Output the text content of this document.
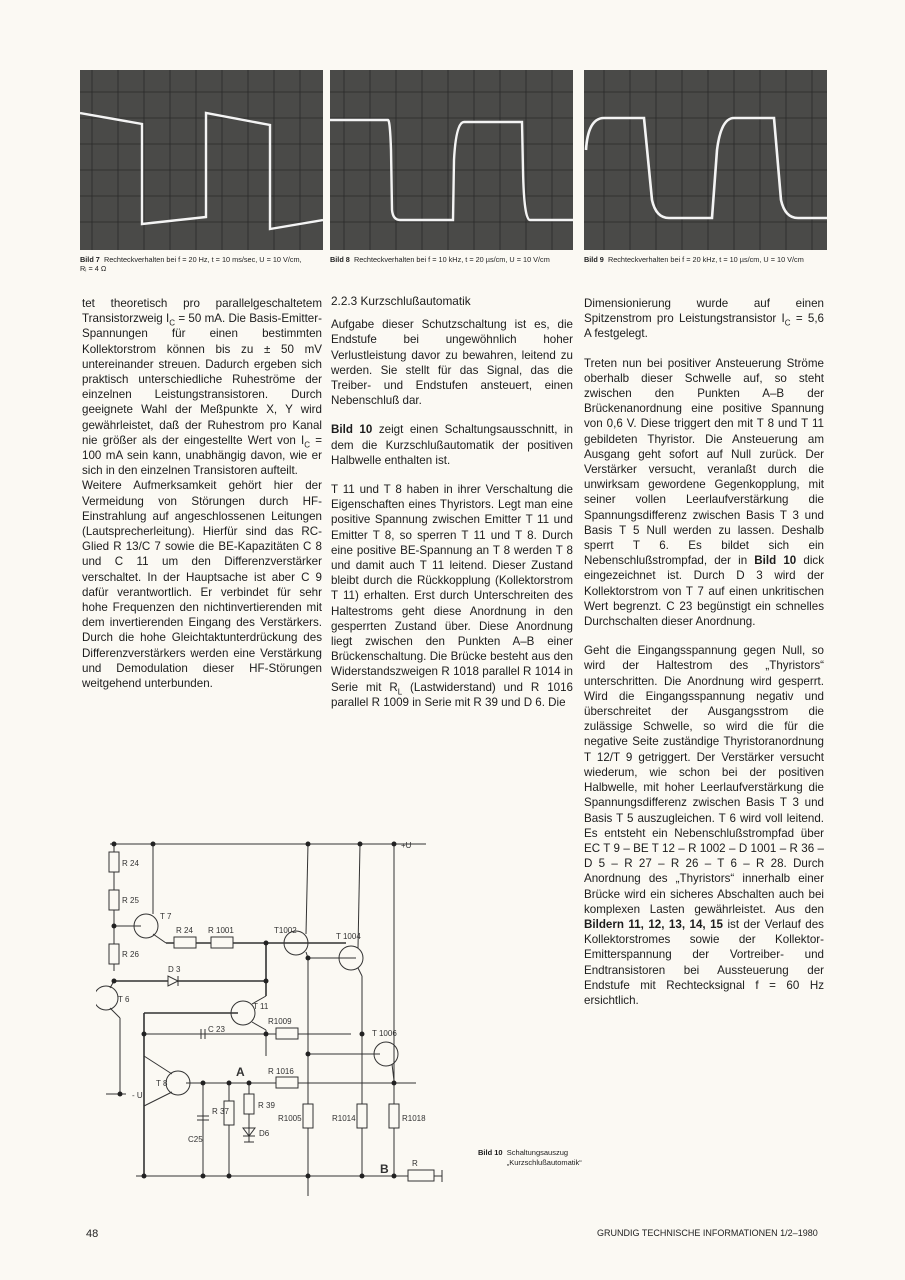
Bild 7 Rechteckverhalten bei f = 20 Hz, t = 10 ms/sec, U = 10 V/cm, Rᵢ = 4 Ω
Bild 8 Rechteckverhalten bei f = 10 kHz, t = 20 µs/cm, U = 10 V/cm	Bild 9 Rechteckverhalten bei f = 20 kHz, t = 10 µs/cm, U = 10 V/cm

tet theoretisch pro parallelgeschaltetem Transistorzweig $I_C = 50$ mA. Die Basis-Emitter-Spannungen für einen bestimmten Kollektorstrom können bis zu ± 50 mV untereinander streuen. Dadurch ergeben sich praktisch unterschiedliche Ruheströme der einzelnen Leistungstransistoren. Durch geeignete Wahl der Meßpunkte X, Y wird gewährleistet, daß der Ruhestrom pro Kanal nie größer als der eingestellte Wert von $I_C = 100$ mA sein kann, unabhängig davon, wie er sich in den einzelnen Transistoren aufteilt.

Weitere Aufmerksamkeit gehört hier der Vermeidung von Störungen durch HF-Einstrahlung auf angeschlossenen Leitungen (Lautsprecherleitung). Hierfür sind das RC-Glied R 13/C 7 sowie die BE-Kapazitäten C 8 und C 11 um den Differenzverstärker verschaltet. In der Hauptsache ist aber C 9 dafür verantwortlich. Er verbindet für sehr hohe Frequenzen den nichtinvertierenden mit dem invertierenden Eingang des Verstärkers. Durch die hohe Gleichtaktunterdrückung des Differenzverstärkers werden eine Verstärkung und Demodulation dieser HF-Störungen weitgehend unterbunden.

2.2.3 Kurzschlußautomatik

Aufgabe dieser Schutzschaltung ist es, die Endstufe bei ungewöhnlich hoher Verlustleistung davor zu bewahren, leitend zu werden. Sie stellt für das Signal, das die Treiber- und Endstufen ansteuert, einen Nebenschluß dar.

Bild 10 zeigt einen Schaltungsausschnitt, in dem die Kurzschlußautomatik der positiven Halbwelle enthalten ist.

T 11 und T 8 haben in ihrer Verschaltung die Eigenschaften eines Thyristors. Legt man eine positive Spannung zwischen Emitter T 11 und Emitter T 8, so sperren T 11 und T 8. Durch eine positive BE-Spannung an T 8 werden T 8 und damit auch T 11 leitend. Dieser Zustand bleibt durch die Rückkopplung (Kollektorstrom T 11) erhalten. Erst durch Unterschreiten des Haltestroms geht diese Anordnung in den gesperrten Zustand über. Diese Anordnung liegt zwischen den Punkten A–B einer Brückenschaltung. Die Brücke besteht aus den Widerstandszweigen R 1018 parallel R 1014 in Serie mit $R_L$ (Lastwiderstand) und R 1016 parallel R 1009 in Serie mit R 39 und D 6. Die

Dimensionierung wurde auf einen Spitzenstrom pro Leistungstransistor $I_C = 5,6$ A festgelegt.

Treten nun bei positiver Ansteuerung Ströme oberhalb dieser Schwelle auf, so steht zwischen den Punkten A–B der Brückenanordnung eine positive Spannung von 0,6 V. Diese triggert den mit T 8 und T 11 gebildeten Thyristor. Die Ansteuerung am Ausgang geht sofort auf Null zurück. Der Verstärker versucht, veranlaßt durch die unwirksam gewordene Gegenkopplung, mit seiner vollen Leerlaufverstärkung die Spannungsdifferenz zwischen Basis T 3 und Basis T 5 Null werden zu lassen. Deshalb sperrt T 6. Es bildet sich ein Nebenschlußstrompfad, der in Bild 10 dick eingezeichnet ist. Durch D 3 wird der Kollektorstrom von T 7 auf einen unkritischen Wert begrenzt. C 23 begünstigt ein schnelles Durchschalten dieser Anordnung.

Geht die Eingangsspannung gegen Null, so wird der Haltestrom des „Thyristors“ unterschritten. Die Anordnung wird gesperrt. Wird die Eingangsspannung negativ und überschreitet der Ausgangsstrom die zulässige Schwelle, so wird die für die negative Seite zuständige Thyristoranordnung T 12/T 9 getriggert. Der Verstärker versucht wiederum, wie schon bei der positiven Halbwelle, mit hoher Leerlaufverstärkung die Spannungsdifferenz zwischen Basis T 3 und Basis T 5 auszugleichen. T 6 wird voll leitend. Es entsteht ein Nebenschlußstrompfad über EC T 9 – BE T 12 – R 1002 – D 1001 – R 36 – D 5 – R 27 – R 26 – T 6 – R 28. Durch Anordnung des „Thyristors“ innerhalb einer Brücke wird ein sicheres Abschalten auch bei komplexen Lasten gewährleistet. Aus den Bildern 11, 12, 13, 14, 15 ist der Verlauf des Kollektorstromes sowie der Kollektor-Emitterspannung der Vortreiber- und Endtransistoren bei Aussteuerung der Endstufe mit Rechtecksignal f = 60 Hz ersichtlich.

R 24
R 25
R 26
T 7
R 24 R 1001	T1002
T 1004
D 3
T 6
T 11
C 23
R1009
T 1006
+U
- U
T 8
A	R 1016
R 37
R 39
C25
D6
R1005	R1014	R1018
B	R
Bild 10 Schaltungsauszug „Kurzschlußautomatik“
48	GRUNDIG TECHNISCHE INFORMATIONEN 1/2–1980
